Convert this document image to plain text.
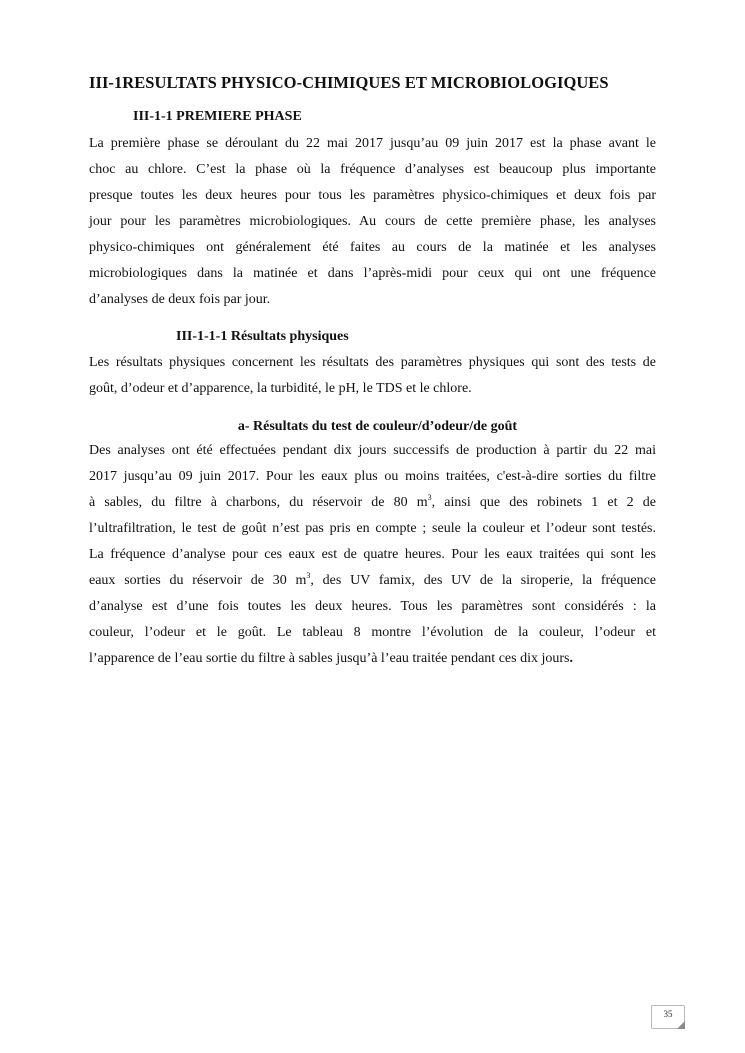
III-1RESULTATS PHYSICO-CHIMIQUES ET MICROBIOLOGIQUES
III-1-1 PREMIERE PHASE
La première phase se déroulant du 22 mai 2017 jusqu’au 09 juin 2017 est la phase avant le
choc au chlore. C’est la phase où la fréquence d’analyses est beaucoup plus importante
presque toutes les deux heures pour tous les paramètres physico-chimiques et deux fois par
jour pour les paramètres microbiologiques. Au cours de cette première phase, les analyses
physico-chimiques ont généralement été faites au cours de la matinée et les analyses
microbiologiques dans la matinée et dans l’après-midi pour ceux qui ont une fréquence
d’analyses de deux fois par jour.
III-1-1-1 Résultats physiques
Les résultats physiques concernent les résultats des paramètres physiques qui sont des tests de
goût, d’odeur et d’apparence, la turbidité, le pH, le TDS et le chlore.
a- Résultats du test de couleur/d’odeur/de goût
Des analyses ont été effectuées pendant dix jours successifs de production à partir du 22 mai
2017 jusqu’au 09 juin 2017. Pour les eaux plus ou moins traitées, c'est-à-dire sorties du filtre
à sables, du filtre à charbons, du réservoir de 80 $m^3$, ainsi que des robinets 1 et 2 de
l’ultrafiltration, le test de goût n’est pas pris en compte ; seule la couleur et l’odeur sont testés.
La fréquence d’analyse pour ces eaux est de quatre heures. Pour les eaux traitées qui sont les
eaux sorties du réservoir de 30 $m^3$, des UV famix, des UV de la siroperie, la fréquence
d’analyse est d’une fois toutes les deux heures. Tous les paramètres sont considérés : la
couleur, l’odeur et le goût. Le tableau 8 montre l’évolution de la couleur, l’odeur et
l’apparence de l’eau sortie du filtre à sables jusqu’à l’eau traitée pendant ces dix jours.
35
